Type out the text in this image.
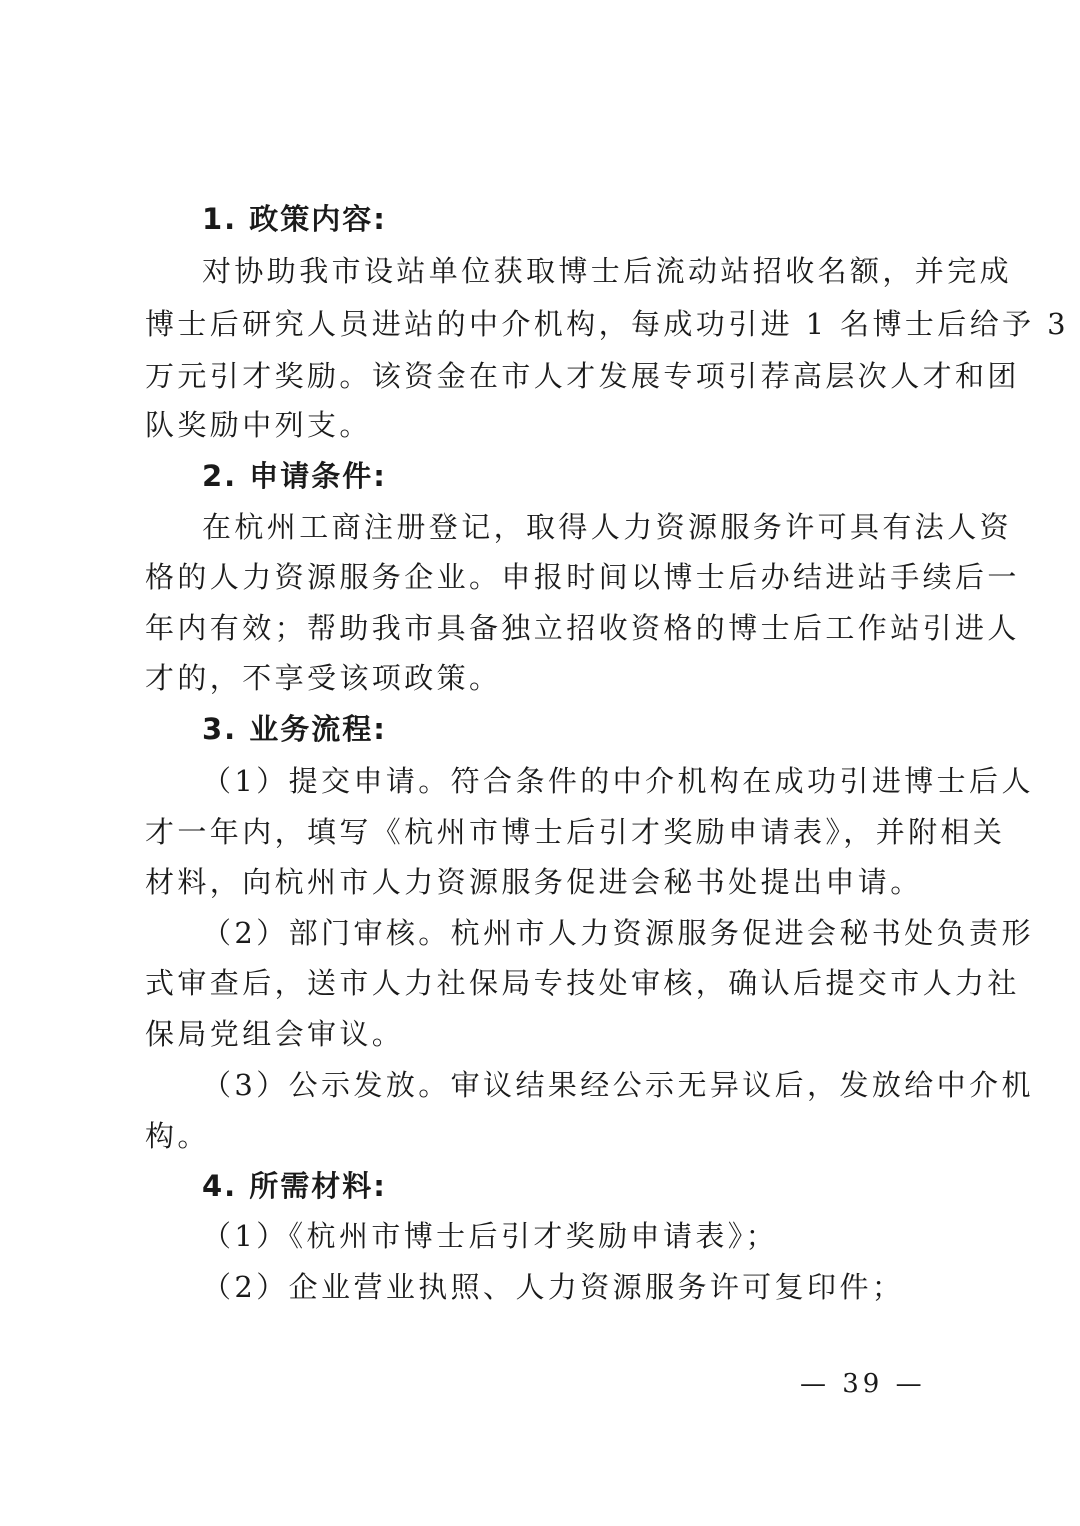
1. 政策内容:
对协助我市设站单位获取博士后流动站招收名额，并完成
博士后研究人员进站的中介机构，每成功引进 1 名博士后给予 3
万元引才奖励。该资金在市人才发展专项引荐高层次人才和团
队奖励中列支。
2. 申请条件:
在杭州工商注册登记，取得人力资源服务许可具有法人资
格的人力资源服务企业。申报时间以博士后办结进站手续后一
年内有效；帮助我市具备独立招收资格的博士后工作站引进人
才的，不享受该项政策。
3. 业务流程:
（1）提交申请。符合条件的中介机构在成功引进博士后人
才一年内，填写《杭州市博士后引才奖励申请表》，并附相关
材料，向杭州市人力资源服务促进会秘书处提出申请。
（2）部门审核。杭州市人力资源服务促进会秘书处负责形
式审查后，送市人力社保局专技处审核，确认后提交市人力社
保局党组会审议。
（3）公示发放。审议结果经公示无异议后，发放给中介机
构。
4. 所需材料:
（1）《杭州市博士后引才奖励申请表》；
（2）企业营业执照、人力资源服务许可复印件；
— 39 —
